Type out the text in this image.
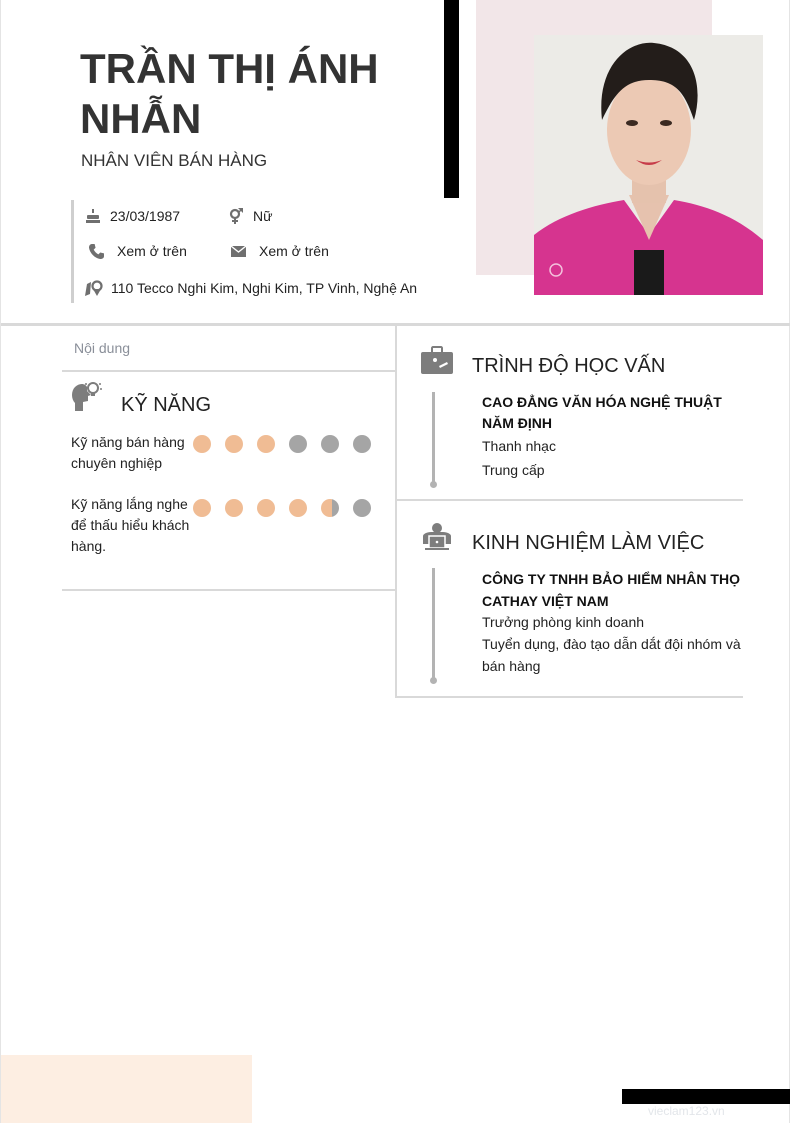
TRẦN THỊ ÁNH NHẪN
NHÂN VIÊN BÁN HÀNG
23/03/1987	Nữ
Xem ở trên	Xem ở trên
110 Tecco Nghi Kim, Nghi Kim, TP Vinh, Nghệ An
Nội dung
KỸ NĂNG
Kỹ năng bán hàng chuyên nghiệp
Kỹ năng lắng nghe để thấu hiểu khách hàng.
TRÌNH ĐỘ HỌC VẤN
CAO ĐẲNG VĂN HÓA NGHỆ THUẬT NĂM ĐỊNH
Thanh nhạc
Trung cấp
KINH NGHIỆM LÀM VIỆC
CÔNG TY TNHH BẢO HIỂM NHÂN THỌ CATHAY VIỆT NAM
Trưởng phòng kinh doanh
Tuyển dụng, đào tạo dẫn dắt đội nhóm và bán hàng
vieclam123.vn
